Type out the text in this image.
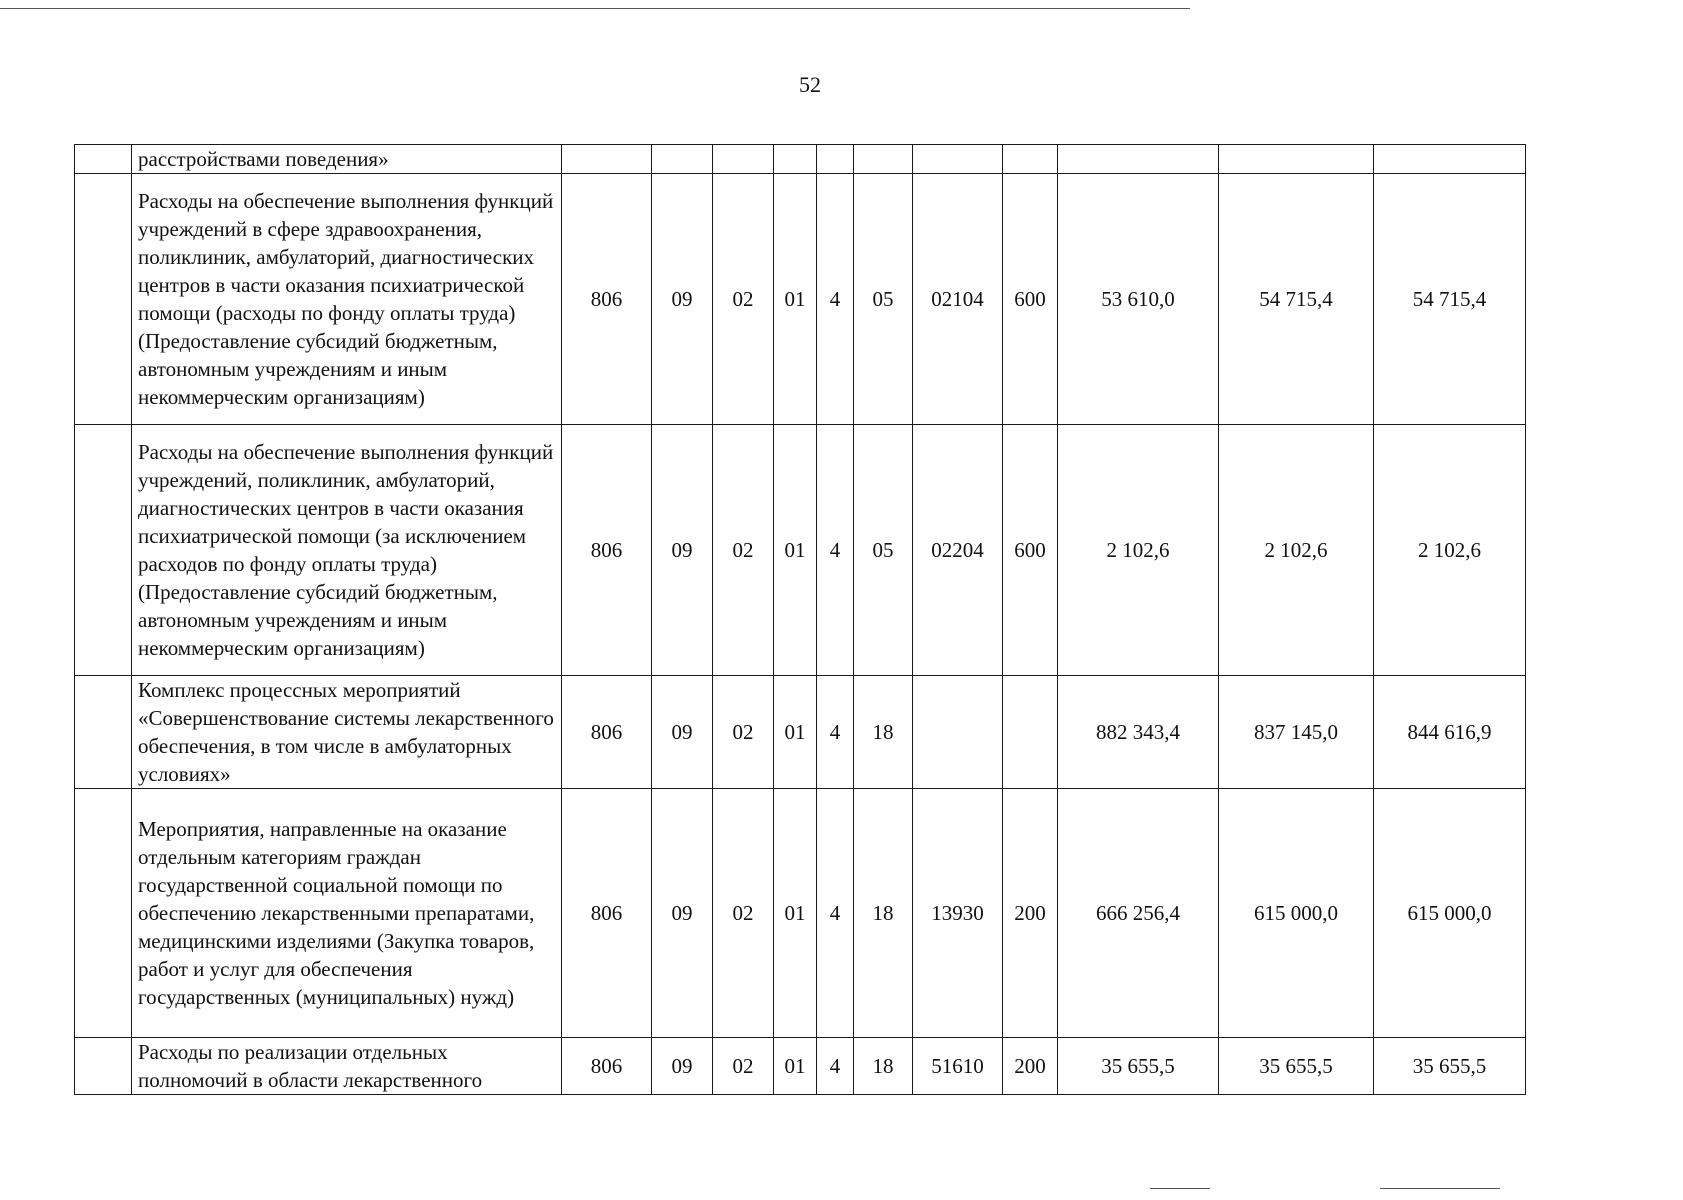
52
	расстройствами поведения»											
	Расходы на обеспечение выполнения функций учреждений в сфере здравоохранения, поликлиник, амбулаторий, диагностических центров в части оказания психиатрической помощи (расходы по фонду оплаты труда) (Предоставление субсидий бюджетным, автономным учреждениям и иным некоммерческим организациям)	806	09	02	01	4	05	02104	600	53 610,0	54 715,4	54 715,4
	Расходы на обеспечение выполнения функций учреждений, поликлиник, амбулаторий, диагностических центров в части оказания психиатрической помощи (за исключением расходов по фонду оплаты труда) (Предоставление субсидий бюджетным, автономным учреждениям и иным некоммерческим организациям)	806	09	02	01	4	05	02204	600	2 102,6	2 102,6	2 102,6
	Комплекс процессных мероприятий «Совершенствование системы лекарственного обеспечения, в том числе в амбулаторных условиях»	806	09	02	01	4	18			882 343,4	837 145,0	844 616,9
	Мероприятия, направленные на оказание отдельным категориям граждан государственной социальной помощи по обеспечению лекарственными препаратами, медицинскими изделиями (Закупка товаров, работ и услуг для обеспечения государственных (муниципальных) нужд)	806	09	02	01	4	18	13930	200	666 256,4	615 000,0	615 000,0
	Расходы по реализации отдельных полномочий в области лекарственного	806	09	02	01	4	18	51610	200	35 655,5	35 655,5	35 655,5
